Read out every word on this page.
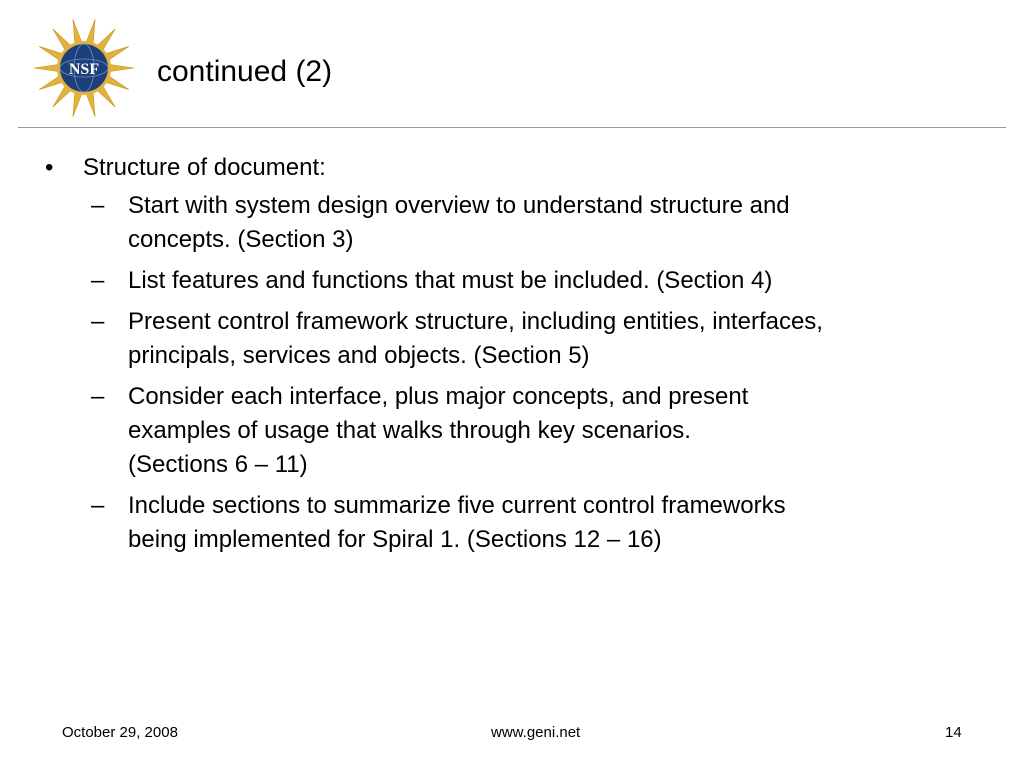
NSF continued (2)
• Structure of document:
– Start with system design overview to understand structure and
concepts. (Section 3)
– List features and functions that must be included. (Section 4)
– Present control framework structure, including entities, interfaces,
principals, services and objects. (Section 5)
– Consider each interface, plus major concepts, and present
examples of usage that walks through key scenarios.
(Sections 6 – 11)
– Include sections to summarize five current control frameworks
being implemented for Spiral 1. (Sections 12 – 16)
October 29, 2008	www.geni.net	14
